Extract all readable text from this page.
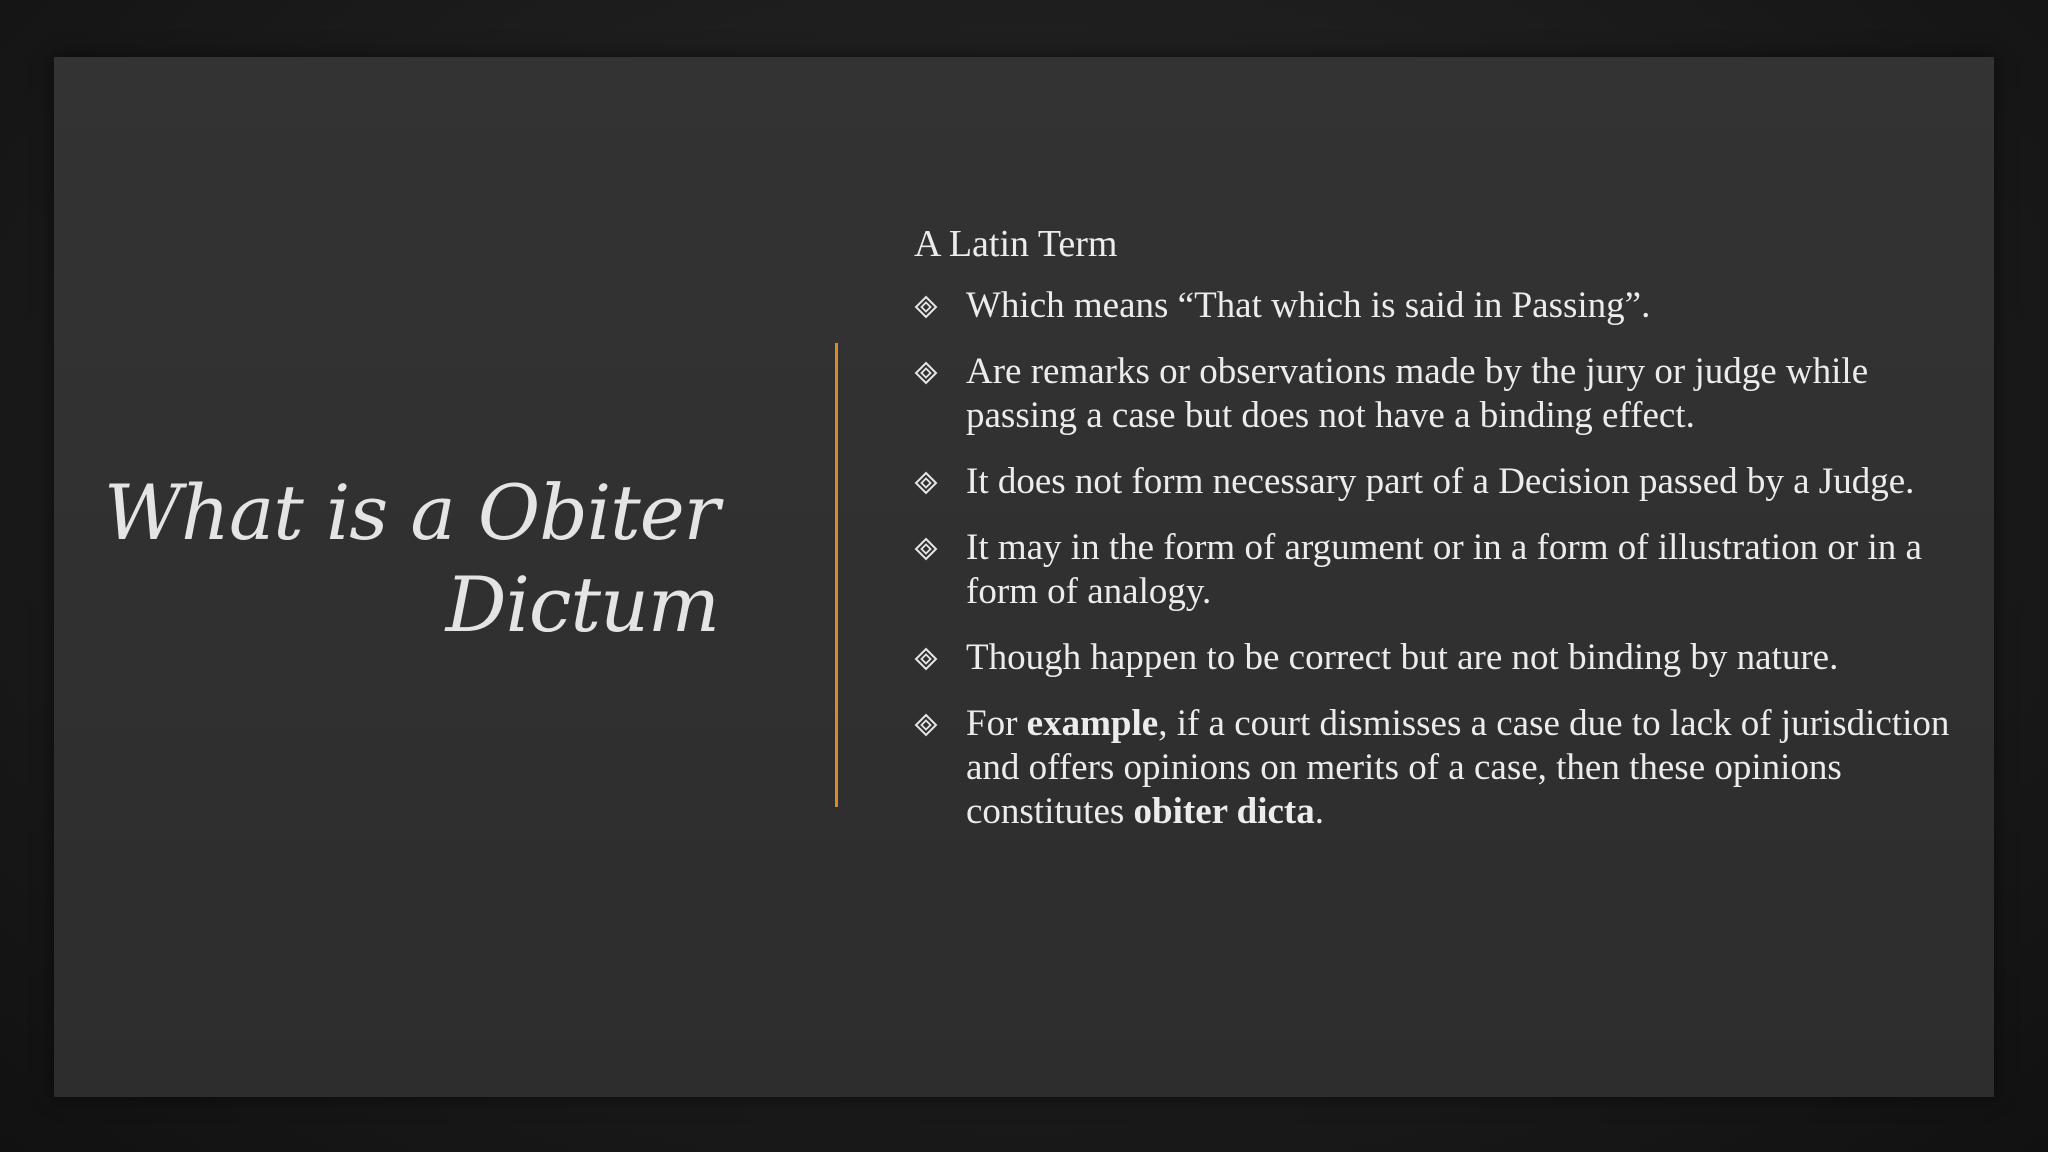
What is a Obiter
Dictum

A Latin Term

Which means “That which is said in Passing”.
Are remarks or observations made by the jury or judge while passing a case but does not have a binding effect.
It does not form necessary part of a Decision passed by a Judge.
It may in the form of argument or in a form of illustration or in a form of analogy.
Though happen to be correct but are not binding by nature.
For example, if a court dismisses a case due to lack of jurisdiction and offers opinions on merits of a case, then these opinions constitutes obiter dicta.
